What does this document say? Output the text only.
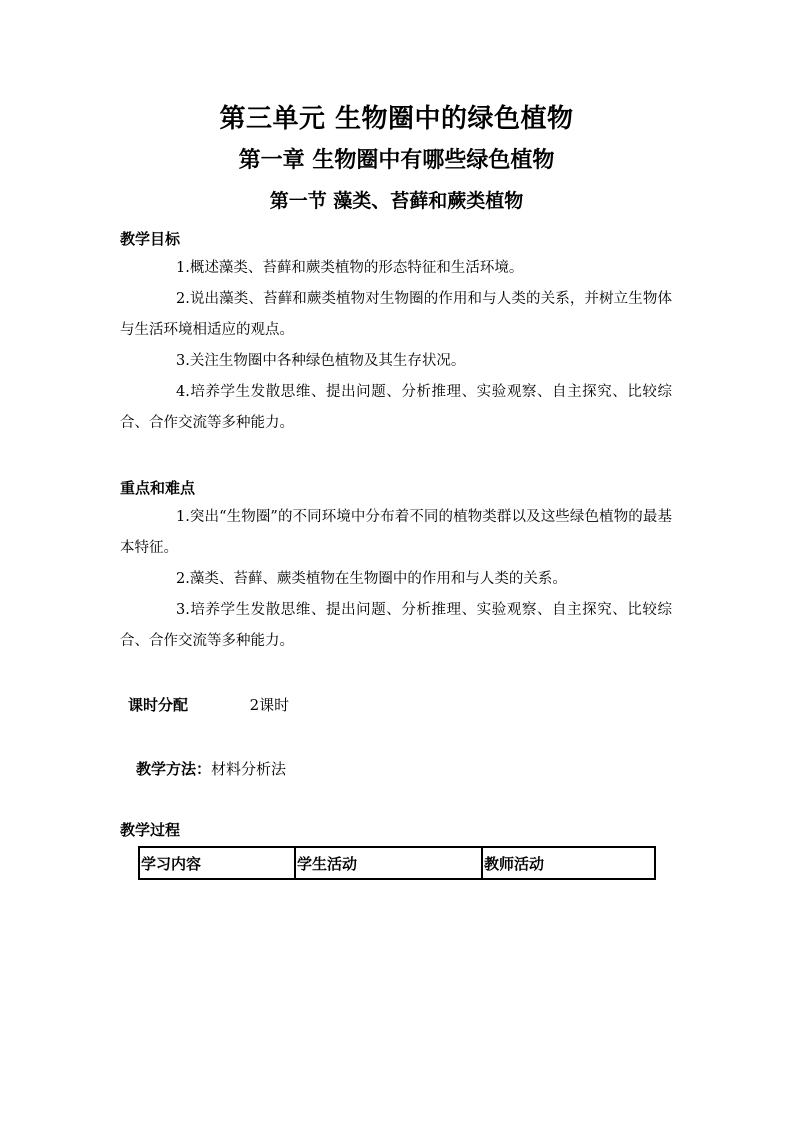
第三单元 生物圈中的绿色植物
第一章 生物圈中有哪些绿色植物
第一节 藻类、苔藓和蕨类植物
教学目标
1.概述藻类、苔藓和蕨类植物的形态特征和生活环境。
2.说出藻类、苔藓和蕨类植物对生物圈的作用和与人类的关系，并树立生物体与生活环境相适应的观点。
3.关注生物圈中各种绿色植物及其生存状况。
4.培养学生发散思维、提出问题、分析推理、实验观察、自主探究、比较综合、合作交流等多种能力。
重点和难点
1.突出“生物圈”的不同环境中分布着不同的植物类群以及这些绿色植物的最基本特征。
2.藻类、苔藓、蕨类植物在生物圈中的作用和与人类的关系。
3.培养学生发散思维、提出问题、分析推理、实验观察、自主探究、比较综合、合作交流等多种能力。
课时分配	2课时
教学方法：材料分析法
教学过程
学习内容	学生活动	教师活动
